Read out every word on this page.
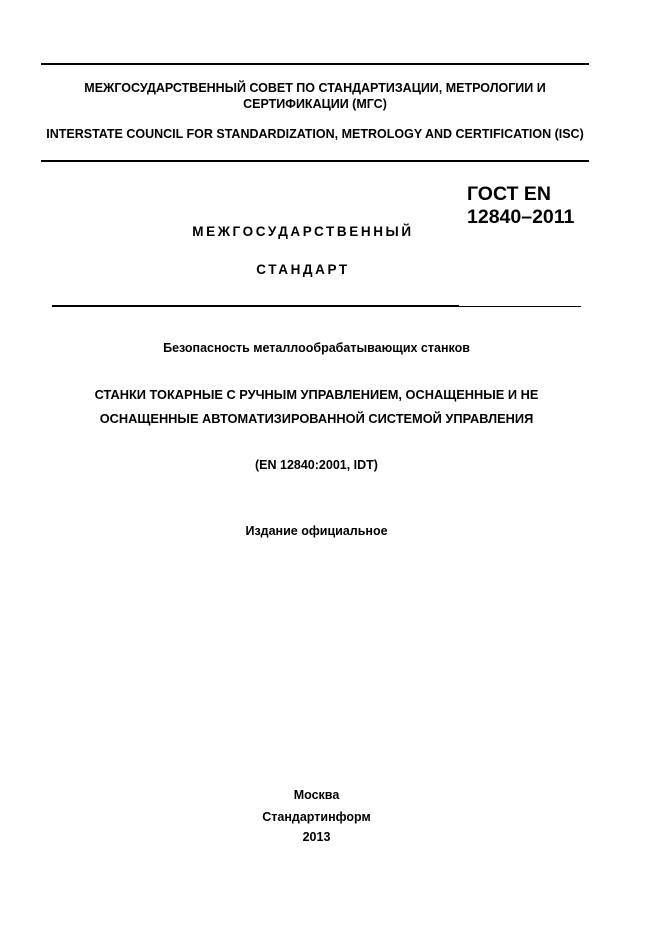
МЕЖГОСУДАРСТВЕННЫЙ СОВЕТ ПО СТАНДАРТИЗАЦИИ, МЕТРОЛОГИИ И СЕРТИФИКАЦИИ (МГС)
INTERSTATE COUNCIL FOR STANDARDIZATION, METROLOGY AND CERTIFICATION (ISC)
МЕЖГОСУДАРСТВЕННЫЙ
СТАНДАРТ
ГОСТ EN 12840–2011
Безопасность металлообрабатывающих станков
СТАНКИ ТОКАРНЫЕ С РУЧНЫМ УПРАВЛЕНИЕМ, ОСНАЩЕННЫЕ И НЕ
ОСНАЩЕННЫЕ АВТОМАТИЗИРОВАННОЙ СИСТЕМОЙ УПРАВЛЕНИЯ
(EN 12840:2001, IDT)
Издание официальное
Москва
Стандартинформ
2013
